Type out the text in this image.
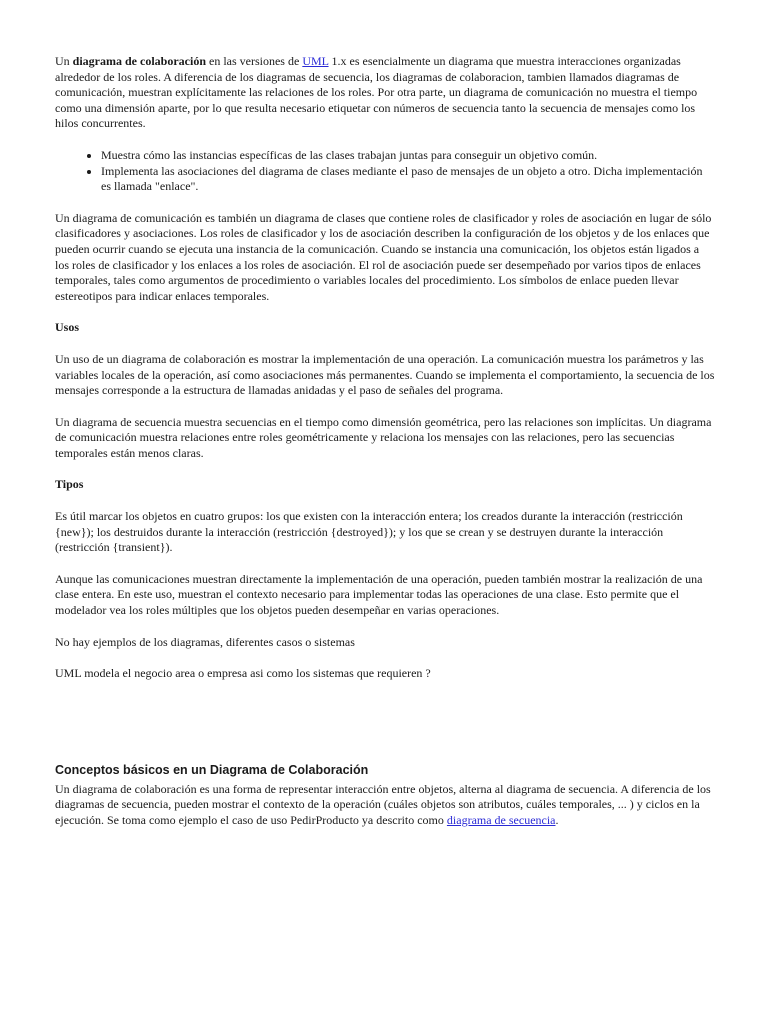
Un diagrama de colaboración en las versiones de UML 1.x es esencialmente un diagrama que muestra interacciones organizadas alrededor de los roles. A diferencia de los diagramas de secuencia, los diagramas de colaboracion, tambien llamados diagramas de comunicación, muestran explícitamente las relaciones de los roles. Por otra parte, un diagrama de comunicación no muestra el tiempo como una dimensión aparte, por lo que resulta necesario etiquetar con números de secuencia tanto la secuencia de mensajes como los hilos concurrentes.

• Muestra cómo las instancias específicas de las clases trabajan juntas para conseguir un objetivo común.
• Implementa las asociaciones del diagrama de clases mediante el paso de mensajes de un objeto a otro. Dicha implementación es llamada "enlace".

Un diagrama de comunicación es también un diagrama de clases que contiene roles de clasificador y roles de asociación en lugar de sólo clasificadores y asociaciones. Los roles de clasificador y los de asociación describen la configuración de los objetos y de los enlaces que pueden ocurrir cuando se ejecuta una instancia de la comunicación. Cuando se instancia una comunicación, los objetos están ligados a los roles de clasificador y los enlaces a los roles de asociación. El rol de asociación puede ser desempeñado por varios tipos de enlaces temporales, tales como argumentos de procedimiento o variables locales del procedimiento. Los símbolos de enlace pueden llevar estereotipos para indicar enlaces temporales.

Usos

Un uso de un diagrama de colaboración es mostrar la implementación de una operación. La comunicación muestra los parámetros y las variables locales de la operación, así como asociaciones más permanentes. Cuando se implementa el comportamiento, la secuencia de los mensajes corresponde a la estructura de llamadas anidadas y el paso de señales del programa.

Un diagrama de secuencia muestra secuencias en el tiempo como dimensión geométrica, pero las relaciones son implícitas. Un diagrama de comunicación muestra relaciones entre roles geométricamente y relaciona los mensajes con las relaciones, pero las secuencias temporales están menos claras.

Tipos

Es útil marcar los objetos en cuatro grupos: los que existen con la interacción entera; los creados durante la interacción (restricción {new}); los destruidos durante la interacción (restricción {destroyed}); y los que se crean y se destruyen durante la interacción (restricción {transient}).

Aunque las comunicaciones muestran directamente la implementación de una operación, pueden también mostrar la realización de una clase entera. En este uso, muestran el contexto necesario para implementar todas las operaciones de una clase. Esto permite que el modelador vea los roles múltiples que los objetos pueden desempeñar en varias operaciones.

No hay ejemplos de los diagramas, diferentes casos o sistemas

UML modela el negocio area o empresa asi como los sistemas que requieren ?

Conceptos básicos en un Diagrama de Colaboración

Un diagrama de colaboración es una forma de representar interacción entre objetos, alterna al diagrama de secuencia. A diferencia de los diagramas de secuencia, pueden mostrar el contexto de la operación (cuáles objetos son atributos, cuáles temporales, ... ) y ciclos en la ejecución. Se toma como ejemplo el caso de uso PedirProducto ya descrito como diagrama de secuencia.
